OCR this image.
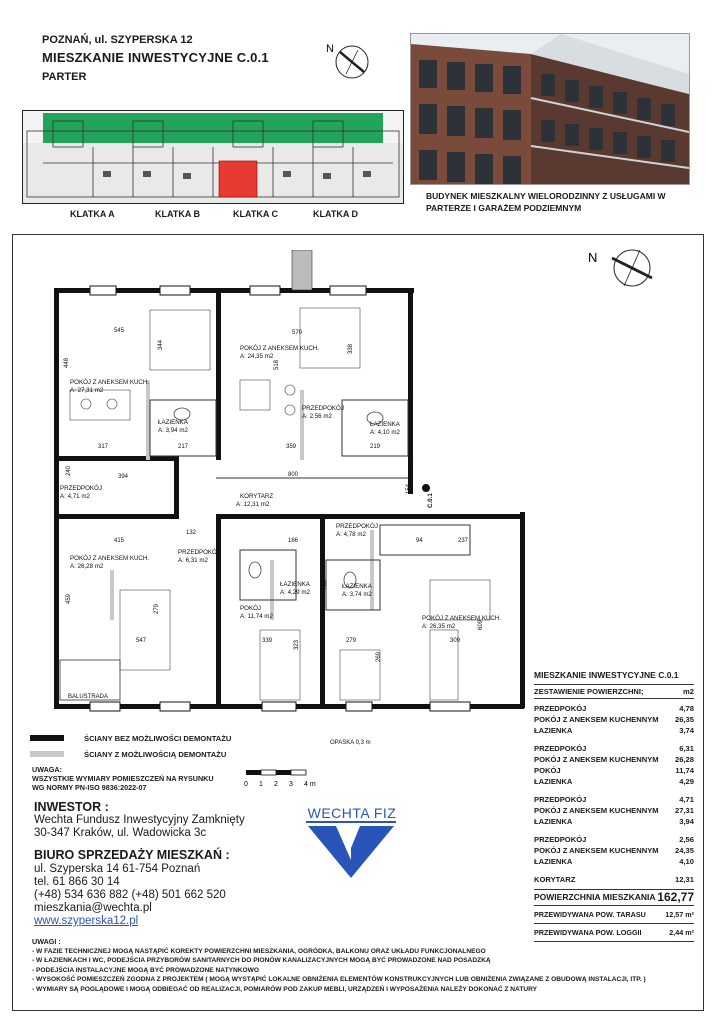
POZNAŃ, ul. SZYPERSKA 12
MIESZKANIE INWESTYCYJNE C.0.1
PARTER
N
KLATKA A	KLATKA B	KLATKA C	KLATKA D
BUDYNEK MIESZKALNY WIELORODZINNY Z USŁUGAMI W PARTERZE I GARAŻEM PODZIEMNYM
N
POKÓJ Z ANEKSEM KUCH.
A: 27,31 m2
ŁAZIENKA
A: 3,94 m2
PRZEDPOKÓJ
A: 4,71 m2
POKÓJ Z ANEKSEM KUCH.
A: 24,35 m2
PRZEDPOKÓJ
A: 2,56 m2
ŁAZIENKA
A: 4,10 m2
POKÓJ Z ANEKSEM KUCH.
A: 26,28 m2
PRZEDPOKÓJ
A: 6,31 m2
ŁAZIENKA
A: 4,29 m2
POKÓJ
A: 11,74 m2
PRZEDPOKÓJ
A: 4,78 m2
ŁAZIENKA
A: 3,74 m2
POKÓJ Z ANEKSEM KUCH.
A: 26,35 m2
KORYTARZ
A: 12,31 m2
545
344
448
317	217
394
240
570
518
338
359	219
800
154
415
459
279
547
163
166
132
339	323	279
269
237
94
309
609
BALUSTRADA
OPASKA 0,3 m
C.0.1
MIESZKANIE INWESTYCYJNE C.0.1
ZESTAWIENIE POWIERZCHNI;	m2
PRZEDPOKÓJ	4,78
POKÓJ Z ANEKSEM KUCHENNYM 26,35
ŁAZIENKA	3,74
PRZEDPOKÓJ	6,31
POKÓJ Z ANEKSEM KUCHENNYM 26,28
POKÓJ	11,74
ŁAZIENKA	4,29
PRZEDPOKÓJ	4,71
POKÓJ Z ANEKSEM KUCHENNYM 27,31
ŁAZIENKA	3,94
PRZEDPOKÓJ	2,56
POKÓJ Z ANEKSEM KUCHENNYM 24,35
ŁAZIENKA	4,10
KORYTARZ	12,31
POWIERZCHNIA MIESZKANIA 162,77
PRZEWIDYWANA POW. TARASU	12,57 m²
PRZEWIDYWANA POW. LOGGII	2,44 m²
ŚCIANY BEZ MOŻLIWOŚCI DEMONTAŻU
ŚCIANY Z MOŻLIWOŚCIĄ DEMONTAŻU
UWAGA:
WSZYSTKIE WYMIARY POMIESZCZEŃ NA RYSUNKU
WG NORMY PN-ISO 9836:2022-07	0 1 2 3 4 m
INWESTOR :
Wechta Fundusz Inwestycyjny Zamknięty
30-347 Kraków, ul. Wadowicka 3c
BIURO SPRZEDAŻY MIESZKAŃ :
ul. Szyperska 14 61-754 Poznań
tel. 61 866 30 14
(+48) 534 636 882 (+48) 501 662 520
mieszkania@wechta.pl
www.szyperska12.pl
WECHTA FIZ
UWAGI :
- W FAZIE TECHNICZNEJ MOGĄ NASTĄPIĆ KOREKTY POWIERZCHNI MIESZKANIA, OGRÓDKA, BALKONU ORAZ UKŁADU FUNKCJONALNEGO
- W ŁAZIENKACH I WC, PODEJŚCIA PRZYBORÓW SANITARNYCH DO PIONÓW KANALIZACYJNYCH MOGĄ BYĆ PROWADZONE NAD POSADZKĄ
- PODEJŚCIA INSTALACYJNE MOGĄ BYĆ PROWADZONE NATYNKOWO
- WYSOKOŚĆ POMIESZCZEŃ ZGODNA Z PROJEKTEM ( MOGĄ WYSTĄPIĆ LOKALNE OBNIŻENIA ELEMENTÓW KONSTRUKCYJNYCH LUB OBNIŻENIA ZWIĄZANE Z OBUDOWĄ INSTALACJI, ITP. )
- WYMIARY SĄ POGLĄDOWE I MOGĄ ODBIEGAĆ OD REALIZACJI, POMIARÓW POD ZAKUP MEBLI, URZĄDZEŃ I WYPOSAŻENIA NALEŻY DOKONAĆ Z NATURY
